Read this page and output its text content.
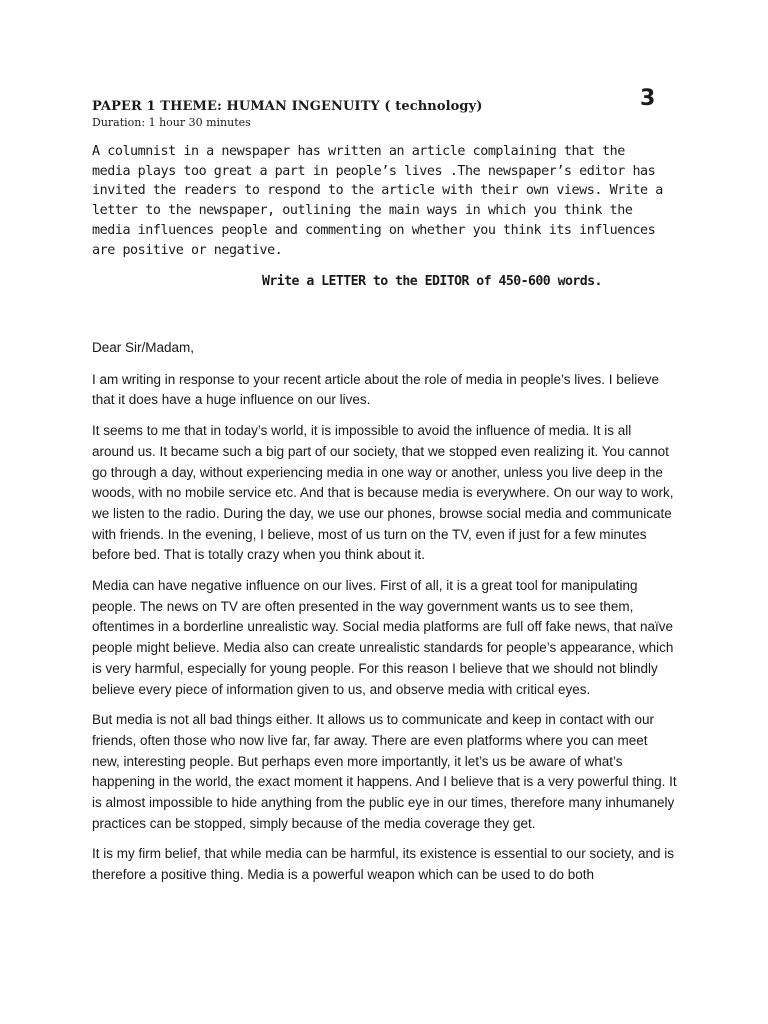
PAPER 1 THEME: HUMAN INGENUITY ( technology)	3
Duration: 1 hour 30 minutes

A columnist in a newspaper has written an article complaining that the media plays too great a part in people’s lives .The newspaper’s editor has invited the readers to respond to the article with their own views. Write a letter to the newspaper, outlining the main ways in which you think the media influences people and commenting on whether you think its influences are positive or negative.

Write a LETTER to the EDITOR of 450-600 words.

Dear Sir/Madam,

I am writing in response to your recent article about the role of media in people’s lives. I believe that it does have a huge influence on our lives.

It seems to me that in today’s world, it is impossible to avoid the influence of media. It is all around us. It became such a big part of our society, that we stopped even realizing it. You cannot go through a day, without experiencing media in one way or another, unless you live deep in the woods, with no mobile service etc. And that is because media is everywhere. On our way to work, we listen to the radio. During the day, we use our phones, browse social media and communicate with friends. In the evening, I believe, most of us turn on the TV, even if just for a few minutes before bed. That is totally crazy when you think about it.

Media can have negative influence on our lives. First of all, it is a great tool for manipulating people. The news on TV are often presented in the way government wants us to see them, oftentimes in a borderline unrealistic way. Social media platforms are full off fake news, that naïve people might believe. Media also can create unrealistic standards for people’s appearance, which is very harmful, especially for young people. For this reason I believe that we should not blindly believe every piece of information given to us, and observe media with critical eyes.

But media is not all bad things either. It allows us to communicate and keep in contact with our friends, often those who now live far, far away. There are even platforms where you can meet new, interesting people. But perhaps even more importantly, it let’s us be aware of what’s happening in the world, the exact moment it happens. And I believe that is a very powerful thing. It is almost impossible to hide anything from the public eye in our times, therefore many inhumanely practices can be stopped, simply because of the media coverage they get.

It is my firm belief, that while media can be harmful, its existence is essential to our society, and is therefore a positive thing. Media is a powerful weapon which can be used to do both
